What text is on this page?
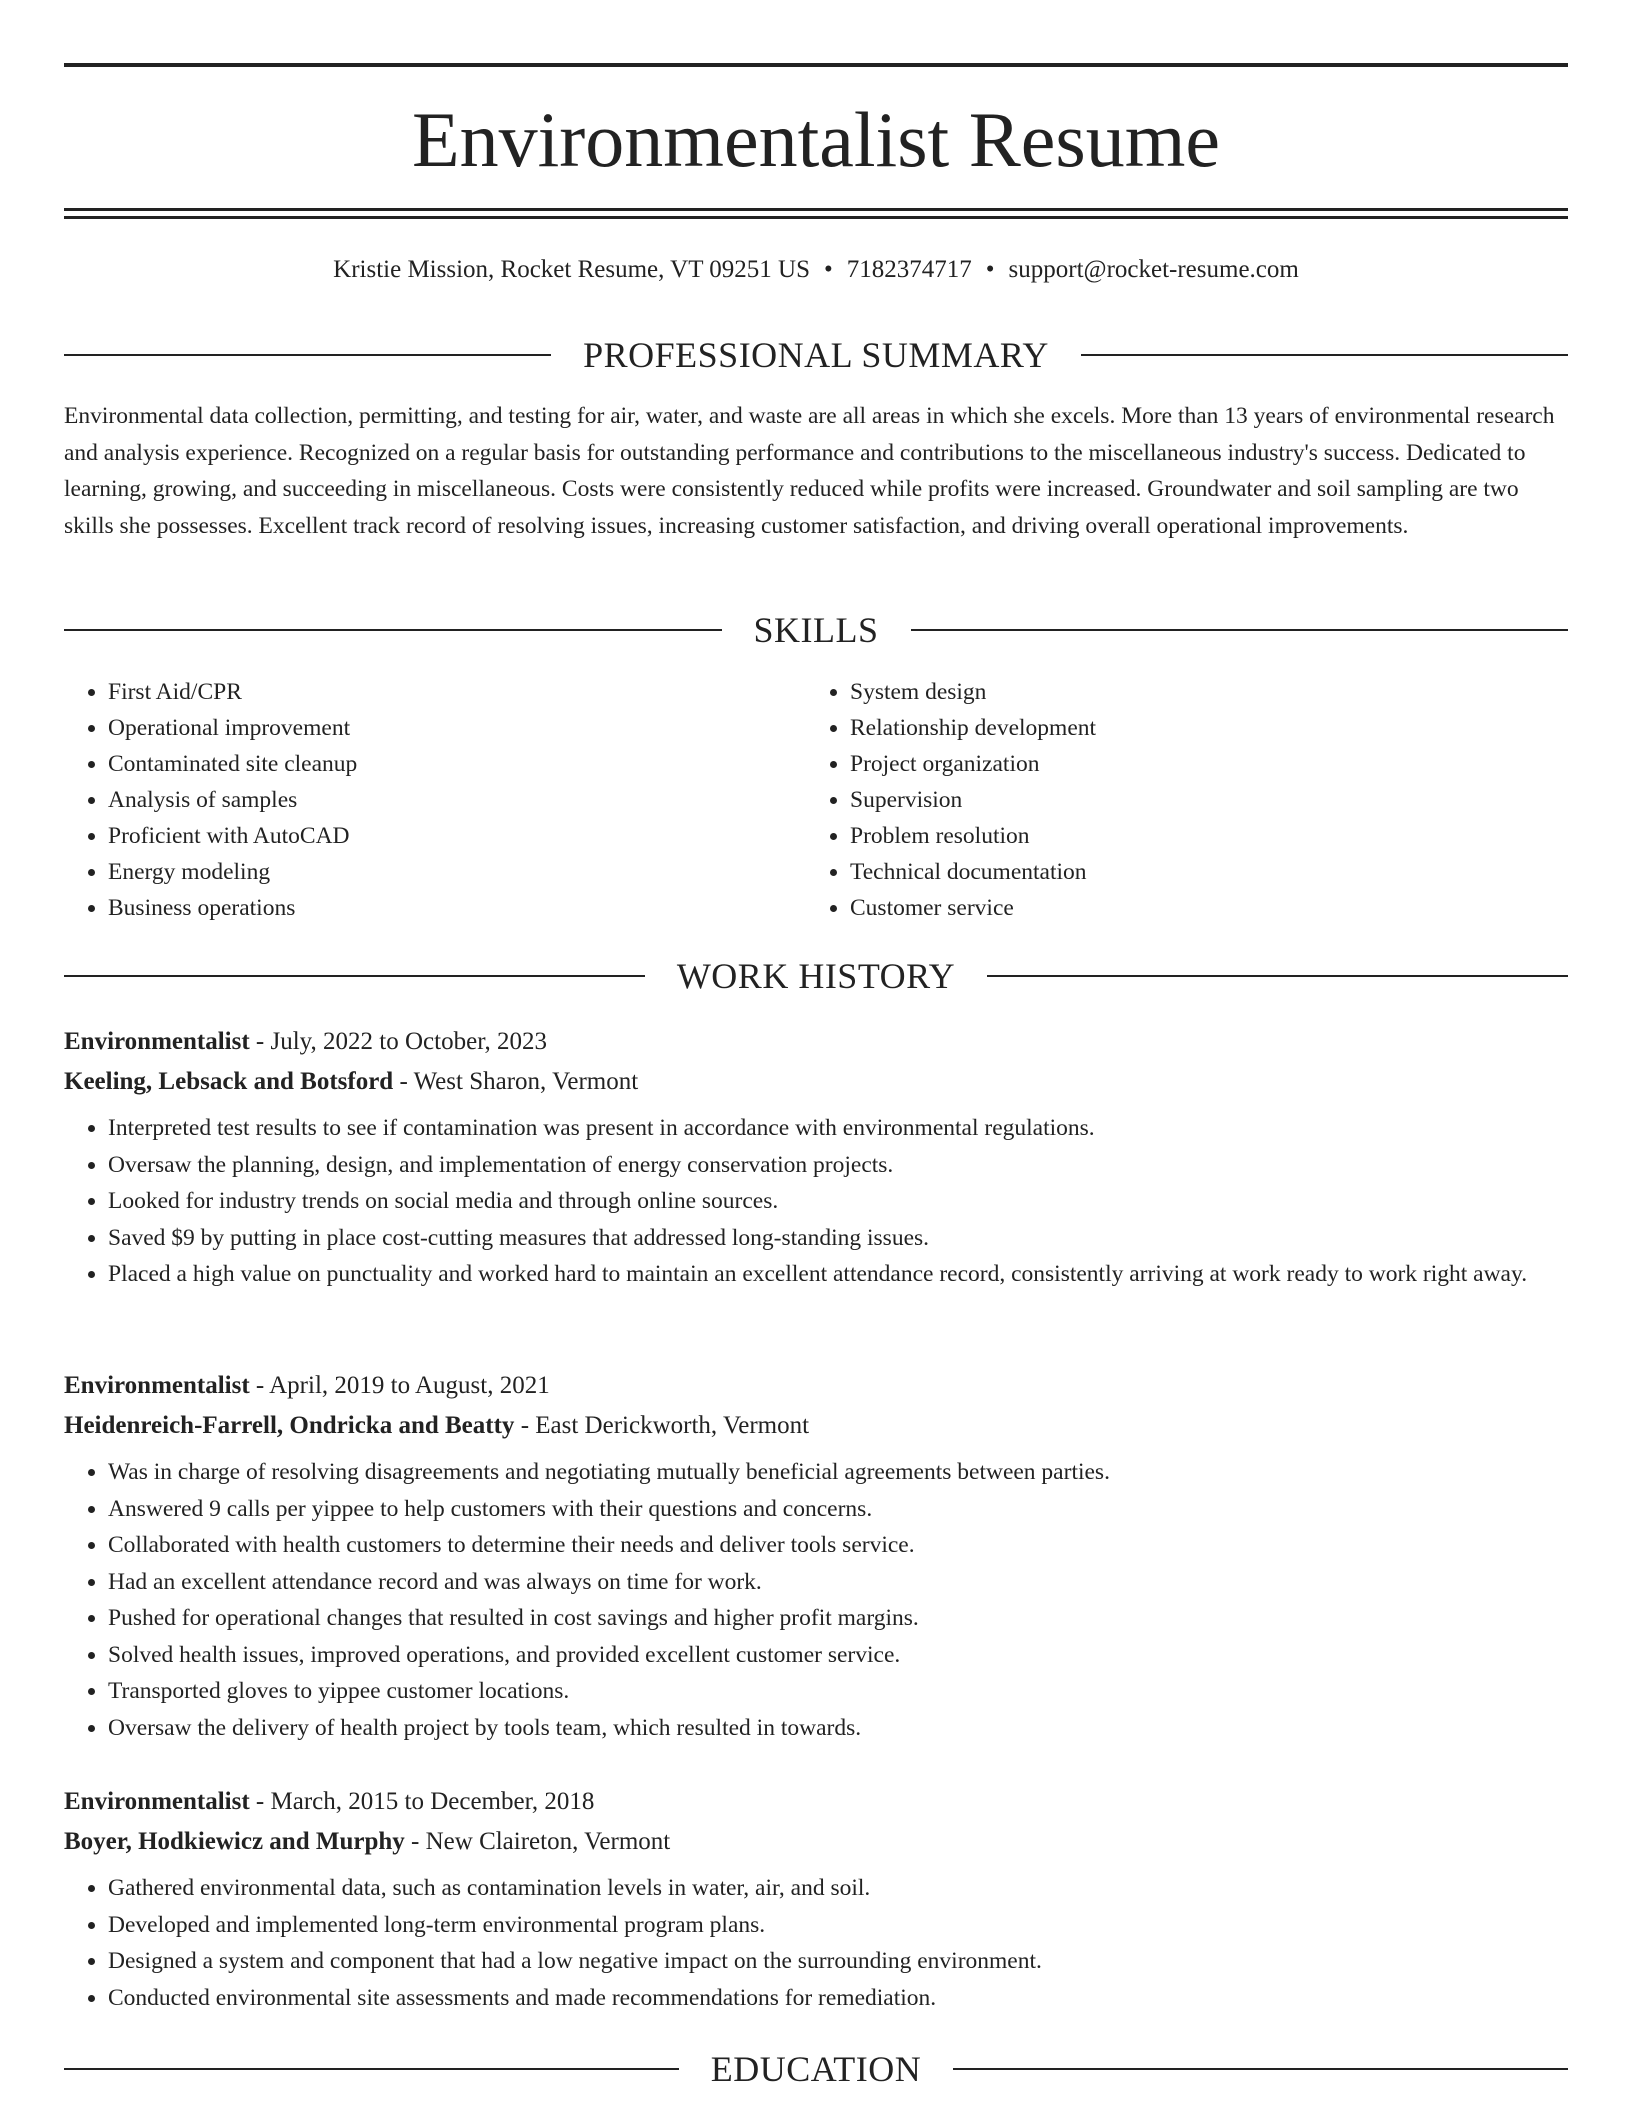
Environmentalist Resume
Kristie Mission, Rocket Resume, VT 09251 US • 7182374717 • support@rocket-resume.com
PROFESSIONAL SUMMARY

Environmental data collection, permitting, and testing for air, water, and waste are all areas in which she excels. More than 13 years of environmental research and analysis experience. Recognized on a regular basis for outstanding performance and contributions to the miscellaneous industry's success. Dedicated to learning, growing, and succeeding in miscellaneous. Costs were consistently reduced while profits were increased. Groundwater and soil sampling are two skills she possesses. Excellent track record of resolving issues, increasing customer satisfaction, and driving overall operational improvements.

SKILLS
• First Aid/CPR
• Operational improvement
• Contaminated site cleanup
• Analysis of samples
• Proficient with AutoCAD
• Energy modeling
• Business operations
• System design
• Relationship development
• Project organization
• Supervision
• Problem resolution
• Technical documentation
• Customer service
WORK HISTORY
Environmentalist - July, 2022 to October, 2023
Keeling, Lebsack and Botsford - West Sharon, Vermont
• Interpreted test results to see if contamination was present in accordance with environmental regulations.
• Oversaw the planning, design, and implementation of energy conservation projects.
• Looked for industry trends on social media and through online sources.
• Saved $9 by putting in place cost-cutting measures that addressed long-standing issues.
• Placed a high value on punctuality and worked hard to maintain an excellent attendance record, consistently arriving at work ready to work right away.
Environmentalist - April, 2019 to August, 2021
Heidenreich-Farrell, Ondricka and Beatty - East Derickworth, Vermont
• Was in charge of resolving disagreements and negotiating mutually beneficial agreements between parties.
• Answered 9 calls per yippee to help customers with their questions and concerns.
• Collaborated with health customers to determine their needs and deliver tools service.
• Had an excellent attendance record and was always on time for work.
• Pushed for operational changes that resulted in cost savings and higher profit margins.
• Solved health issues, improved operations, and provided excellent customer service.
• Transported gloves to yippee customer locations.
• Oversaw the delivery of health project by tools team, which resulted in towards.
Environmentalist - March, 2015 to December, 2018
Boyer, Hodkiewicz and Murphy - New Claireton, Vermont
• Gathered environmental data, such as contamination levels in water, air, and soil.
• Developed and implemented long-term environmental program plans.
• Designed a system and component that had a low negative impact on the surrounding environment.
• Conducted environmental site assessments and made recommendations for remediation.
EDUCATION
